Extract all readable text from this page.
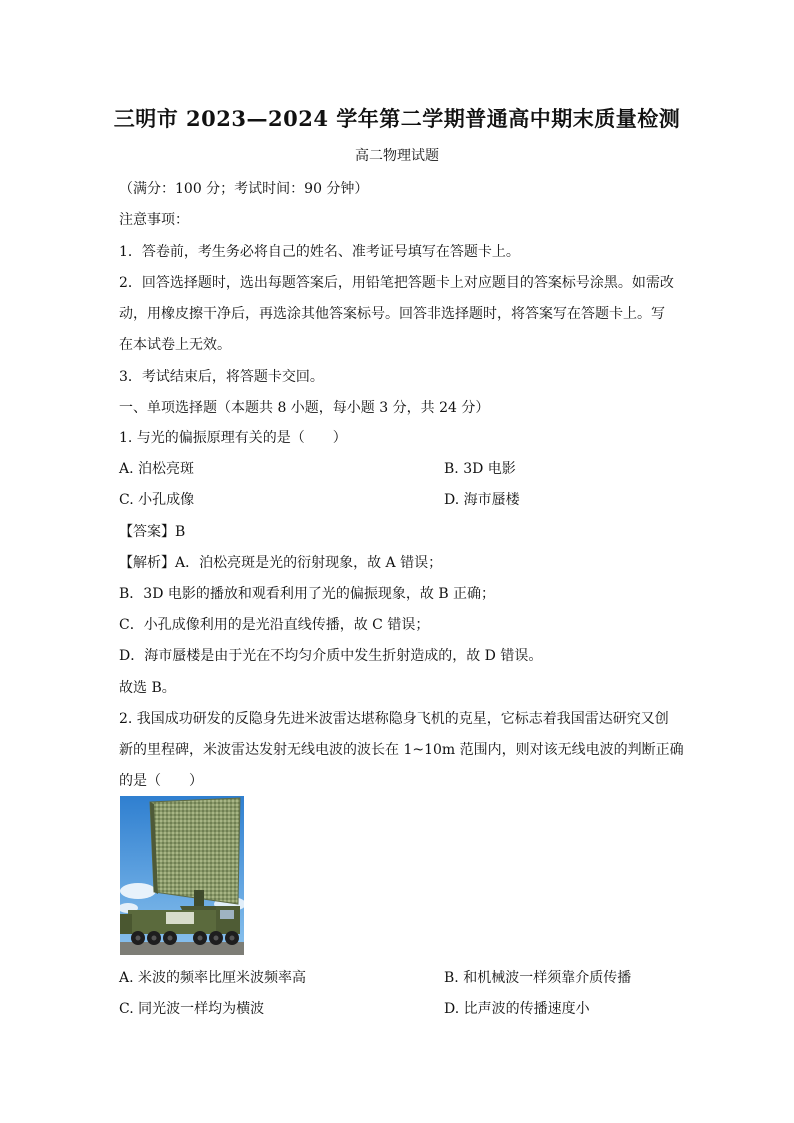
三明市 2023—2024 学年第二学期普通高中期末质量检测
高二物理试题
（满分：100 分；考试时间：90 分钟）
注意事项：
1．答卷前，考生务必将自己的姓名、准考证号填写在答题卡上。
2．回答选择题时，选出每题答案后，用铅笔把答题卡上对应题目的答案标号涂黑。如需改
动，用橡皮擦干净后，再选涂其他答案标号。回答非选择题时，将答案写在答题卡上。写
在本试卷上无效。
3．考试结束后，将答题卡交回。
一、单项选择题（本题共 8 小题，每小题 3 分，共 24 分）
1. 与光的偏振原理有关的是（　　）
A. 泊松亮斑	B. 3D 电影
C. 小孔成像	D. 海市蜃楼
【答案】B
【解析】A．泊松亮斑是光的衍射现象，故 A 错误；
B．3D 电影的播放和观看利用了光的偏振现象，故 B 正确；
C．小孔成像利用的是光沿直线传播，故 C 错误；
D．海市蜃楼是由于光在不均匀介质中发生折射造成的，故 D 错误。
故选 B。
2. 我国成功研发的反隐身先进米波雷达堪称隐身飞机的克星，它标志着我国雷达研究又创
新的里程碑，米波雷达发射无线电波的波长在 1~10m 范围内，则对该无线电波的判断正确
的是（　　）
A. 米波的频率比厘米波频率高	B. 和机械波一样须靠介质传播
C. 同光波一样均为横波	D. 比声波的传播速度小
